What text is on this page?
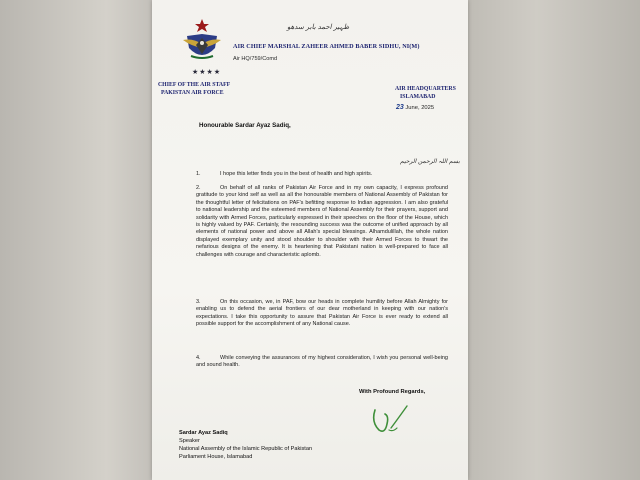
★★★★
ظہیر احمد بابر سدھو
AIR CHIEF MARSHAL ZAHEER AHMED BABER SIDHU, NI(M)
Air HQ/759/Comd
CHIEF OF THE AIR STAFF
PAKISTAN AIR FORCE
AIR HEADQUARTERS
ISLAMABAD
23 June, 2025
Honourable Sardar Ayaz Sadiq,
بسم اللہ الرحمن الرحیم
1.	I hope this letter finds you in the best of health and high spirits.
2.	On behalf of all ranks of Pakistan Air Force and in my own capacity, I express profound gratitude to your kind self as well as all the honourable members of National Assembly of Pakistan for the thoughtful letter of felicitations on PAF's befitting response to Indian aggression. I am also grateful to national leadership and the esteemed members of National Assembly for their prayers, support and solidarity with Armed Forces, particularly expressed in their speeches on the floor of the House, which is highly valued by PAF. Certainly, the resounding success was the outcome of unified approach by all elements of national power and above all Allah's special blessings. Alhamdulillah, the whole nation displayed exemplary unity and stood shoulder to shoulder with their Armed Forces to thwart the nefarious designs of the enemy. It is heartening that Pakistani nation is well-prepared to face all challenges with courage and characteristic aplomb.
3.	On this occasion, we, in PAF, bow our heads in complete humility before Allah Almighty for enabling us to defend the aerial frontiers of our dear motherland in keeping with our nation's expectations. I take this opportunity to assure that Pakistan Air Force is ever ready to extend all possible support for the accomplishment of any National cause.
4.	While conveying the assurances of my highest consideration, I wish you personal well-being and sound health.
With Profound Regards,
Sardar Ayaz Sadiq
Speaker
National Assembly of the Islamic Republic of Pakistan
Parliament House, Islamabad
